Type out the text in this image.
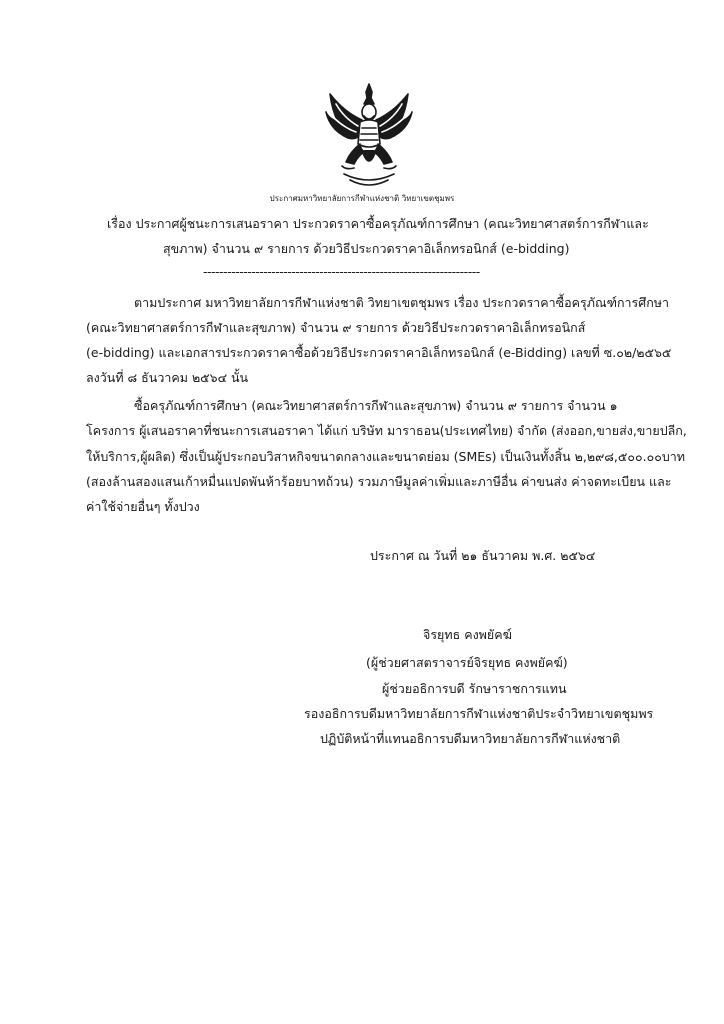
ประกาศมหาวิทยาลัยการกีฬาแห่งชาติ วิทยาเขตชุมพร
เรื่อง ประกาศผู้ชนะการเสนอราคา ประกวดราคาซื้อครุภัณฑ์การศึกษา (คณะวิทยาศาสตร์การกีฬาและ
สุขภาพ) จำนวน ๙ รายการ ด้วยวิธีประกวดราคาอิเล็กทรอนิกส์ (e-bidding)
---------------------------------------------------------------------
ตามประกาศ มหาวิทยาลัยการกีฬาแห่งชาติ วิทยาเขตชุมพร เรื่อง ประกวดราคาซื้อครุภัณฑ์การศึกษา
(คณะวิทยาศาสตร์การกีฬาและสุขภาพ) จำนวน ๙ รายการ ด้วยวิธีประกวดราคาอิเล็กทรอนิกส์
(e-bidding) และเอกสารประกวดราคาซื้อด้วยวิธีประกวดราคาอิเล็กทรอนิกส์ (e-Bidding) เลขที่ ซ.๐๒/๒๕๖๕
ลงวันที่ ๘ ธันวาคม ๒๕๖๔ นั้น
ซื้อครุภัณฑ์การศึกษา (คณะวิทยาศาสตร์การกีฬาและสุขภาพ) จำนวน ๙ รายการ จำนวน ๑
โครงการ ผู้เสนอราคาที่ชนะการเสนอราคา ได้แก่ บริษัท มาราธอน(ประเทศไทย) จำกัด (ส่งออก,ขายส่ง,ขายปลีก,
ให้บริการ,ผู้ผลิต) ซึ่งเป็นผู้ประกอบวิสาหกิจขนาดกลางและขนาดย่อม (SMEs) เป็นเงินทั้งสิ้น ๒,๒๙๘,๕๐๐.๐๐บาท
(สองล้านสองแสนเก้าหมื่นแปดพันห้าร้อยบาทถ้วน) รวมภาษีมูลค่าเพิ่มและภาษีอื่น ค่าขนส่ง ค่าจดทะเบียน และ
ค่าใช้จ่ายอื่นๆ ทั้งปวง
ประกาศ ณ วันที่ ๒๑ ธันวาคม พ.ศ. ๒๕๖๔
จิรยุทธ คงพยัคฆ์
(ผู้ช่วยศาสตราจารย์จิรยุทธ คงพยัคฆ์)
ผู้ช่วยอธิการบดี รักษาราชการแทน
รองอธิการบดีมหาวิทยาลัยการกีฬาแห่งชาติประจำวิทยาเขตชุมพร
ปฏิบัติหน้าที่แทนอธิการบดีมหาวิทยาลัยการกีฬาแห่งชาติ
